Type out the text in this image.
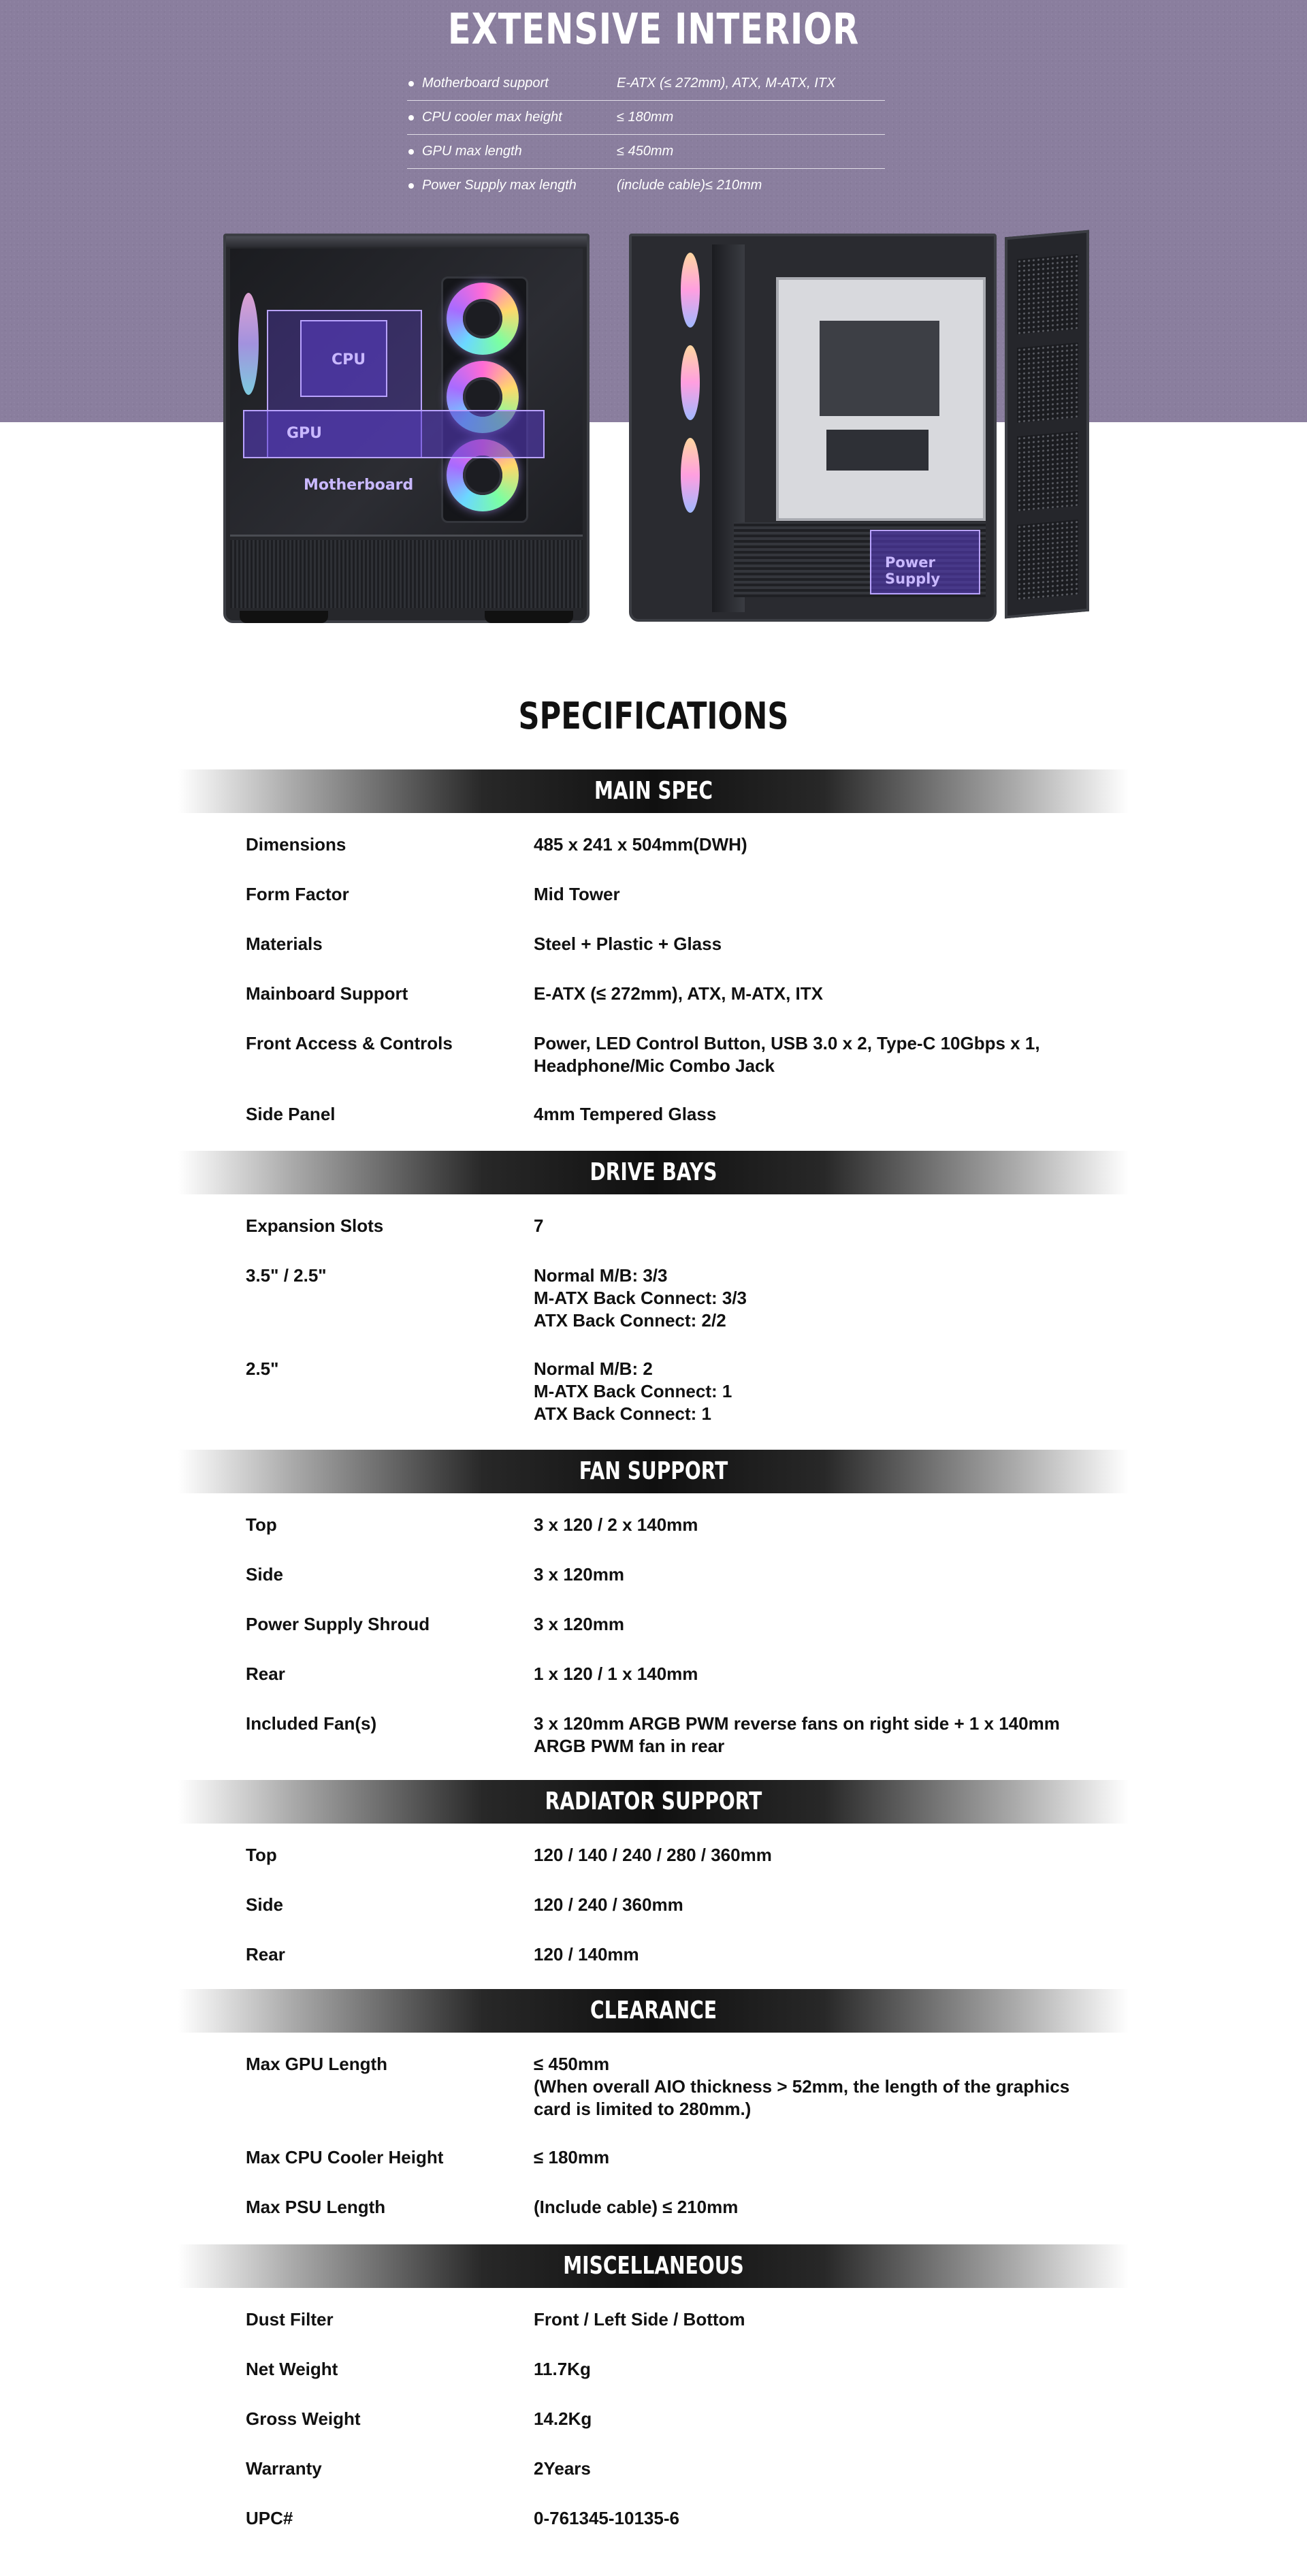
EXTENSIVE INTERIOR
Motherboard support	E-ATX (≤ 272mm), ATX, M-ATX, ITX
CPU cooler max height	≤ 180mm
GPU max length	≤ 450mm
Power Supply max length	(include cable)≤ 210mm
CPU
GPU
Motherboard
Power Supply
SPECIFICATIONS
MAIN SPEC
Dimensions	485 x 241 x 504mm(DWH)
Form Factor	Mid Tower
Materials	Steel + Plastic + Glass
Mainboard Support	E-ATX (≤ 272mm), ATX, M-ATX, ITX
Front Access & Controls	Power, LED Control Button, USB 3.0 x 2, Type-C 10Gbps x 1,
Headphone/Mic Combo Jack
Side Panel	4mm Tempered Glass
DRIVE BAYS
Expansion Slots	7
3.5" / 2.5"	Normal M/B: 3/3
M-ATX Back Connect: 3/3
ATX Back Connect: 2/2
2.5"	Normal M/B: 2
M-ATX Back Connect: 1
ATX Back Connect: 1
FAN SUPPORT
Top	3 x 120 / 2 x 140mm
Side	3 x 120mm
Power Supply Shroud	3 x 120mm
Rear	1 x 120 / 1 x 140mm
Included Fan(s)	3 x 120mm ARGB PWM reverse fans on right side + 1 x 140mm
ARGB PWM fan in rear
RADIATOR SUPPORT
Top	120 / 140 / 240 / 280 / 360mm
Side	120 / 240 / 360mm
Rear	120 / 140mm
CLEARANCE
Max GPU Length	≤ 450mm
(When overall AIO thickness > 52mm, the length of the graphics
card is limited to 280mm.)
Max CPU Cooler Height	≤ 180mm
Max PSU Length	(Include cable) ≤ 210mm
MISCELLANEOUS
Dust Filter	Front / Left Side / Bottom
Net Weight	11.7Kg
Gross Weight	14.2Kg
Warranty	2Years
UPC#	0-761345-10135-6
